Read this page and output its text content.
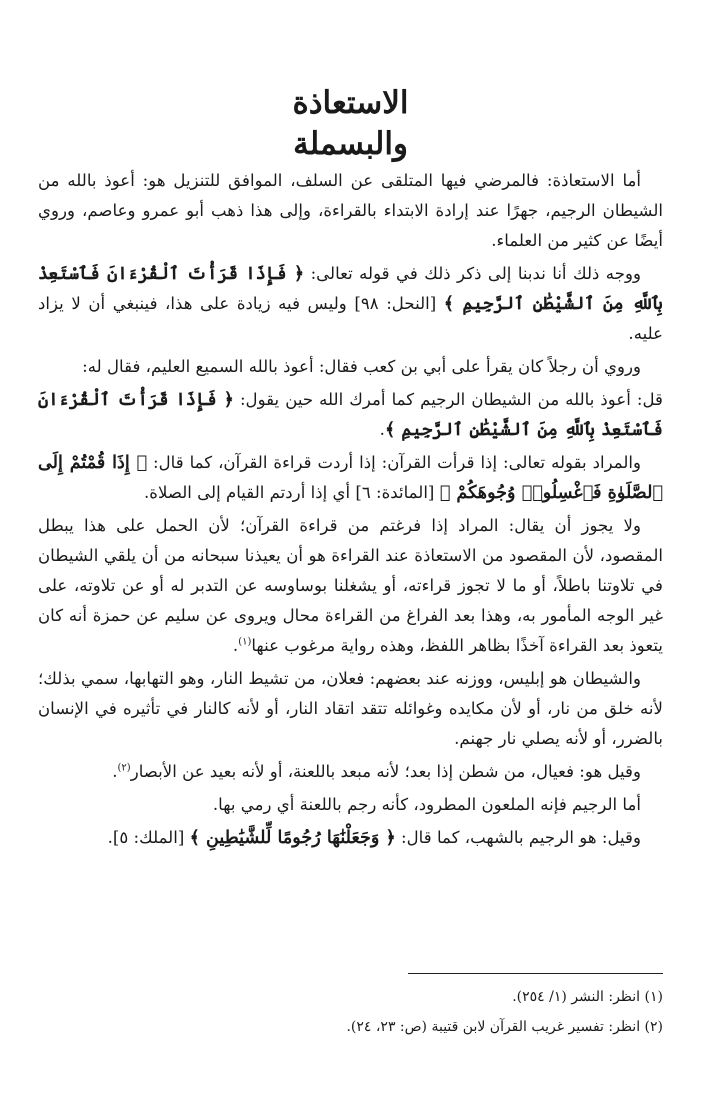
الاستعاذة
والبسملة

أما الاستعاذة: فالمرضي فيها المتلقى عن السلف، الموافق للتنزيل هو: أعوذ بالله من الشيطان الرجيم، جهرًا عند إرادة الابتداء بالقراءة، وإلى هذا ذهب أبو عمرو وعاصم، وروي أيضًا عن كثير من العلماء.

ووجه ذلك أنا ندبنا إلى ذكر ذلك في قوله تعالى: ﴿ فَإِذَا قَرَأْتَ ٱلْقُرْءَانَ فَٱسْتَعِذْ بِٱللَّهِ مِنَ ٱلشَّيْطَٰنِ ٱلرَّجِيمِ ﴾ [النحل: ٩٨] وليس فيه زيادة على هذا، فينبغي أن لا يزاد عليه.

وروي أن رجلاً كان يقرأ على أبي بن كعب فقال: أعوذ بالله السميع العليم، فقال له:

قل: أعوذ بالله من الشيطان الرجيم كما أمرك الله حين يقول: ﴿ فَإِذَا قَرَأْتَ ٱلْقُرْءَانَ فَٱسْتَعِذْ بِٱللَّهِ مِنَ ٱلشَّيْطَٰنِ ٱلرَّجِيمِ ﴾.

والمراد بقوله تعالى: إذا قرأت القرآن: إذا أردت قراءة القرآن، كما قال: ﴿ إِذَا قُمْتُمْ إِلَى ٱلصَّلَوٰةِ فَٱغْسِلُوا۟ وُجُوهَكُمْ ﴾ [المائدة: ٦] أي إذا أردتم القيام إلى الصلاة.

ولا يجوز أن يقال: المراد إذا فرغتم من قراءة القرآن؛ لأن الحمل على هذا يبطل المقصود، لأن المقصود من الاستعاذة عند القراءة هو أن يعيذنا سبحانه من أن يلقي الشيطان في تلاوتنا باطلاً، أو ما لا تجوز قراءته، أو يشغلنا بوساوسه عن التدبر له أو عن تلاوته، على غير الوجه المأمور به، وهذا بعد الفراغ من القراءة محال ويروى عن سليم عن حمزة أنه كان يتعوذ بعد القراءة آخذًا بظاهر اللفظ، وهذه رواية مرغوب عنها$^{(١)}$.

والشيطان هو إبليس، ووزنه عند بعضهم: فعلان، من تشيط النار، وهو التهابها، سمي بذلك؛ لأنه خلق من نار، أو لأن مكايده وغوائله تتقد اتقاد النار، أو لأنه كالنار في تأثيره في الإنسان بالضرر، أو لأنه يصلي نار جهنم.

وقيل هو: فعيال، من شطن إذا بعد؛ لأنه مبعد باللعنة، أو لأنه بعيد عن الأبصار$^{(٢)}$.

أما الرجيم فإنه الملعون المطرود، كأنه رجم باللعنة أي رمي بها.

وقيل: هو الرجيم بالشهب، كما قال: ﴿ وَجَعَلْنَٰهَا رُجُومًا لِّلشَّيَٰطِينِ ﴾ [الملك: ٥].

(١) انظر: النشر (١/ ٢٥٤).

(٢) انظر: تفسير غريب القرآن لابن قتيبة (ص: ٢٣، ٢٤).
